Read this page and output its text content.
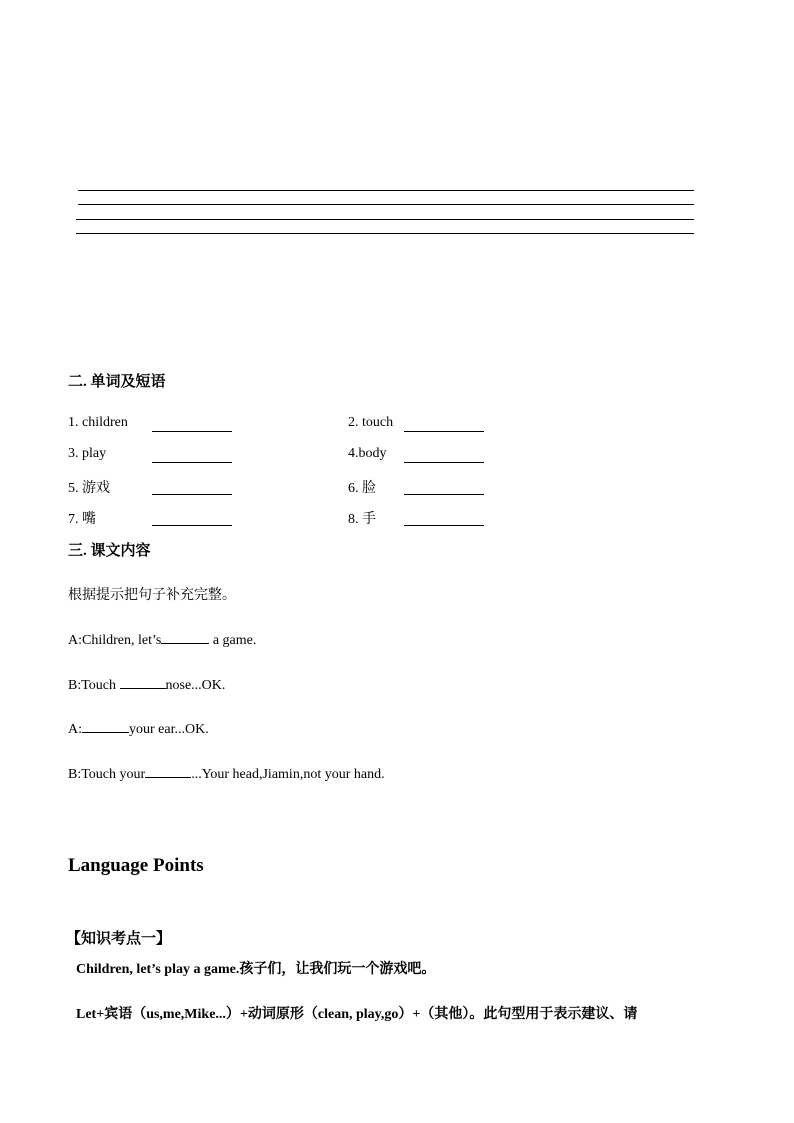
二. 单词及短语
1. children	2. touch
3. play	4.body
5. 游戏	6. 脸
7. 嘴	8. 手
三. 课文内容
根据提示把句子补充完整。
A:Children, let’s	a game.
B:Touch	nose...OK.
A:	your ear...OK.
B:Touch your	...Your head,Jiamin,not your hand.
Language Points
【知识考点一】
Children, let’s play a game.孩子们，让我们玩一个游戏吧。
Let+宾语（us,me,Mike...）+动词原形（clean, play,go）+（其他）。此句型用于表示建议、请
